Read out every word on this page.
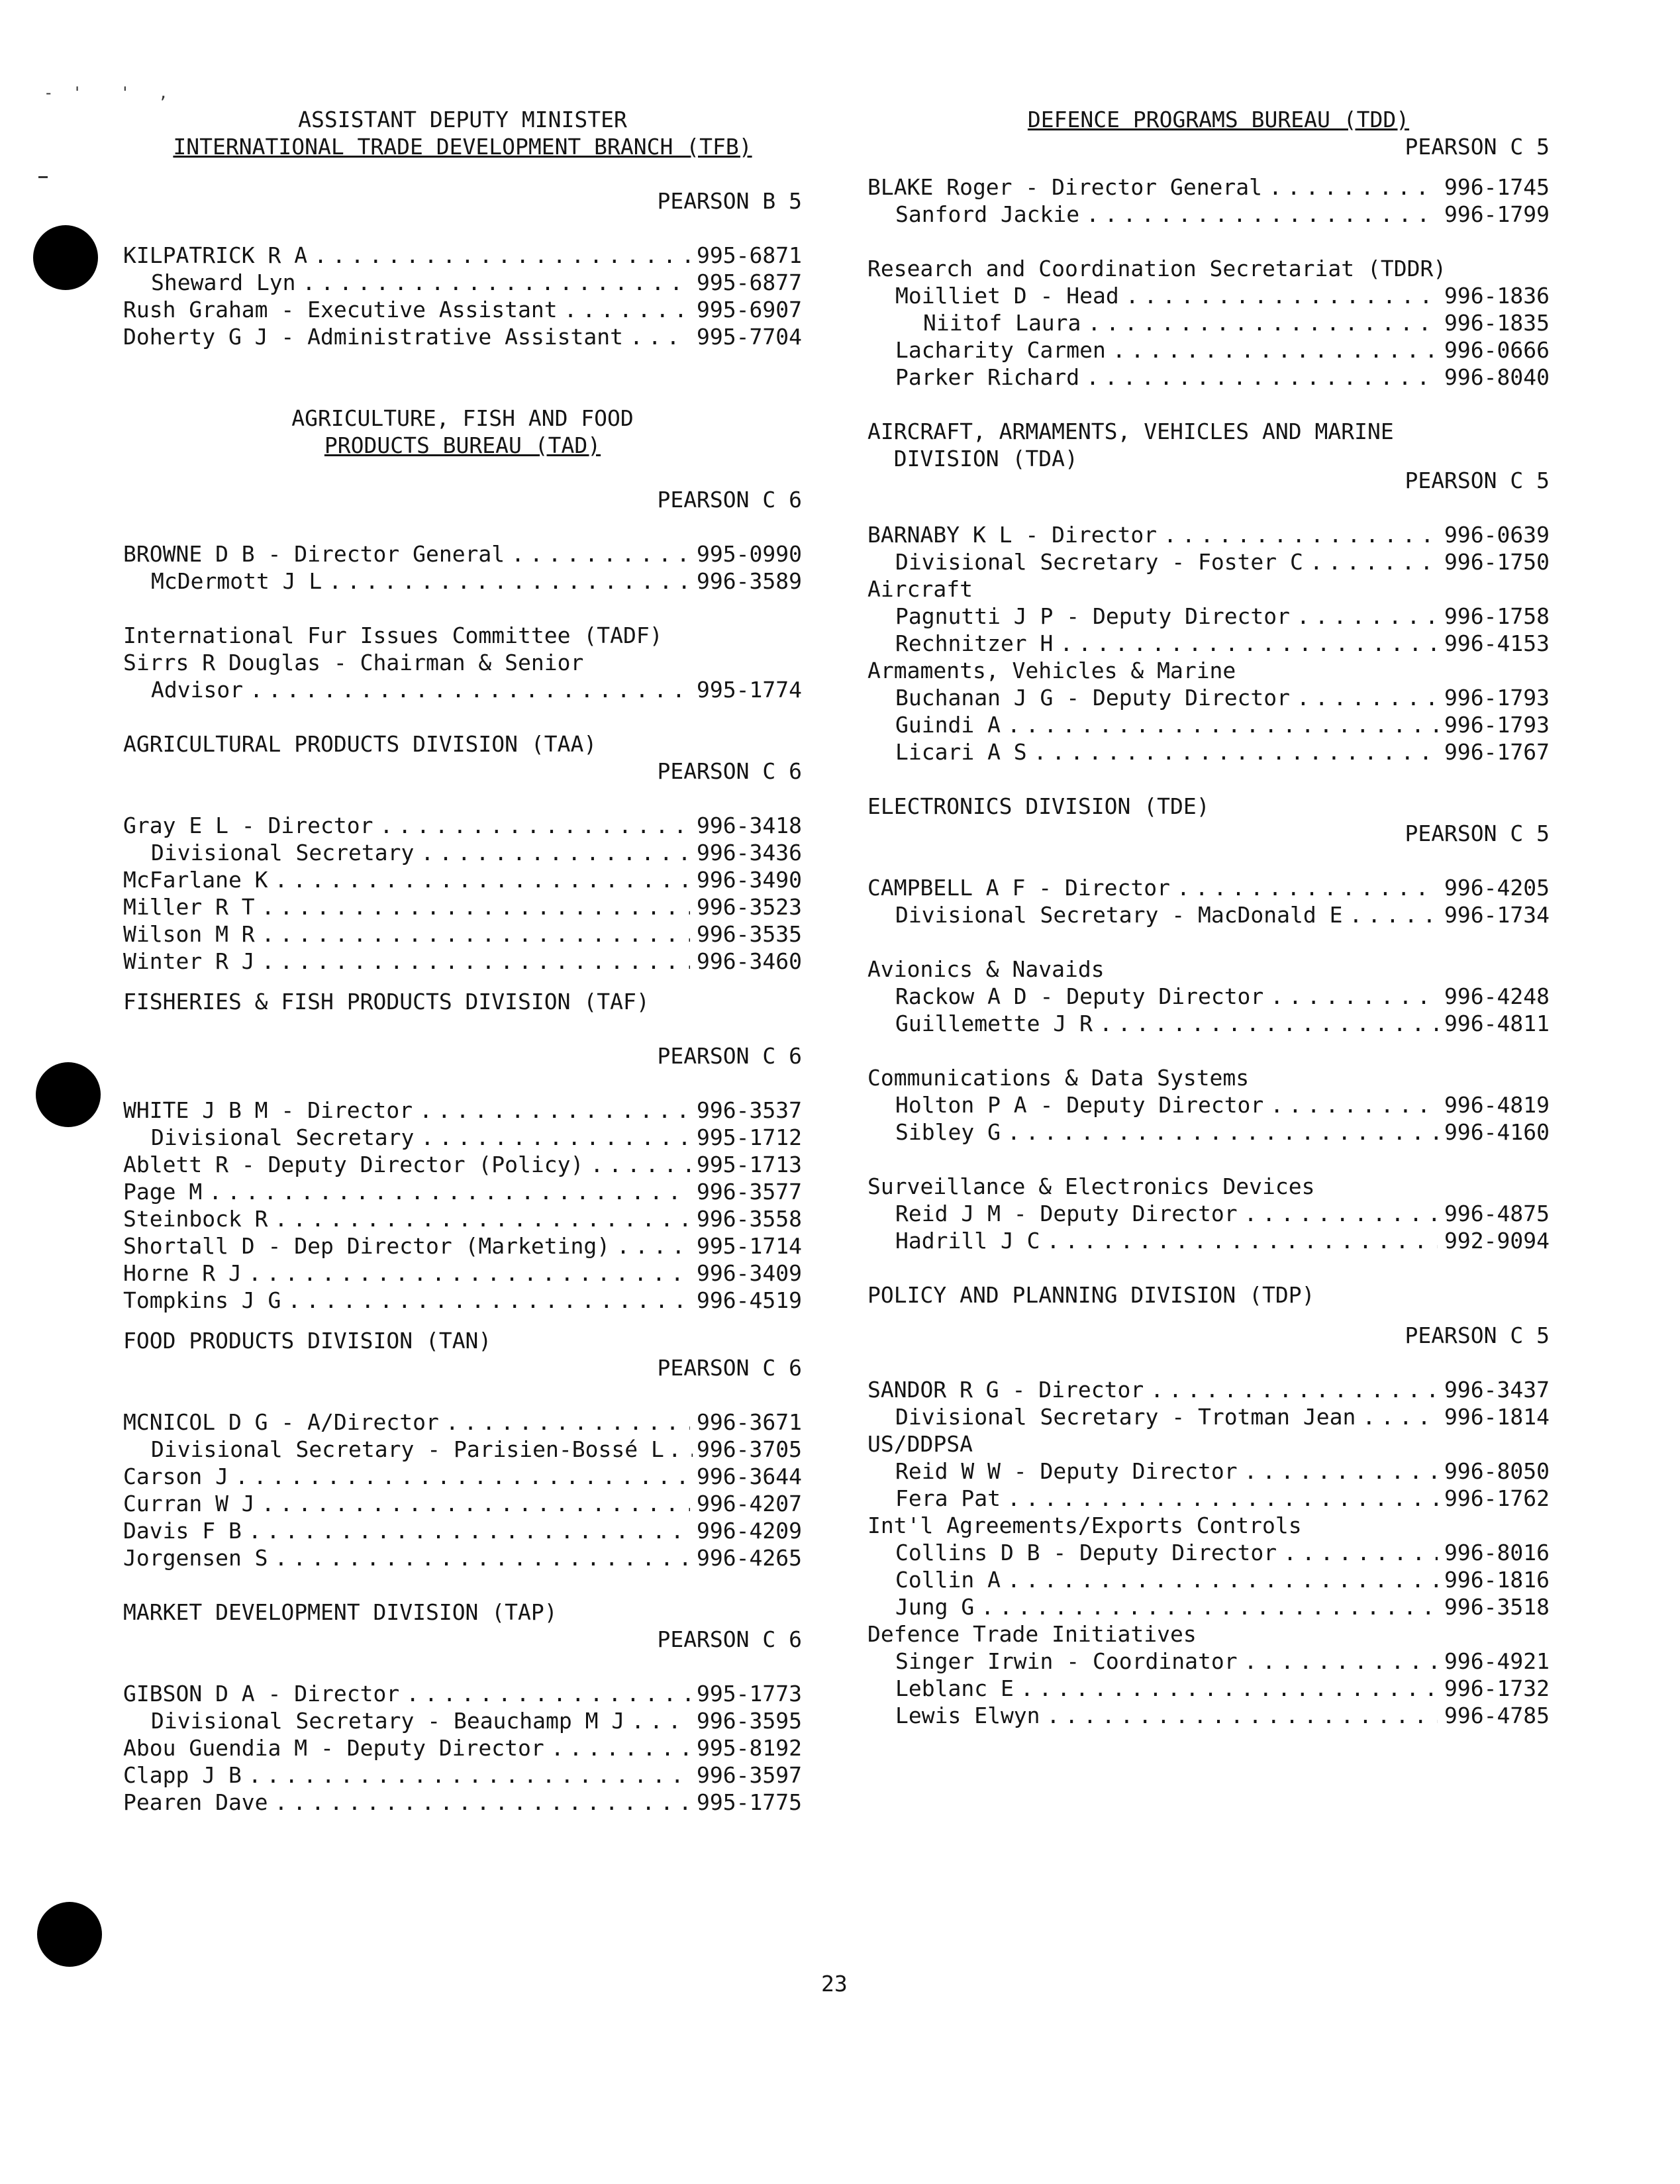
-  '    '   ,
ASSISTANT DEPUTY MINISTER
INTERNATIONAL TRADE DEVELOPMENT BRANCH (TFB)
PEARSON B 5
KILPATRICK R A . . .	995-6871
Sheward Lyn . . .	995-6877
Rush Graham - Executive Assistant . . .	995-6907
Doherty G J - Administrative Assistant . . .	995-7704
AGRICULTURE, FISH AND FOOD
PRODUCTS BUREAU (TAD)
PEARSON C 6
BROWNE D B - Director General . . .	995-0990
McDermott J L . . .	996-3589
International Fur Issues Committee (TADF)
Sirrs R Douglas - Chairman & Senior
Advisor . . .	995-1774
AGRICULTURAL PRODUCTS DIVISION (TAA)
PEARSON C 6
Gray E L - Director . . .	996-3418
Divisional Secretary . . .	996-3436
McFarlane K . . .	996-3490
Miller R T . . .	996-3523
Wilson M R . . .	996-3535
Winter R J . . .	996-3460
FISHERIES & FISH PRODUCTS DIVISION (TAF)
PEARSON C 6
WHITE J B M - Director . . .	996-3537
Divisional Secretary . . .	995-1712
Ablett R - Deputy Director (Policy) . . .	995-1713
Page M . . .	996-3577
Steinbock R . . .	996-3558
Shortall D - Dep Director (Marketing) . . .	995-1714
Horne R J . . .	996-3409
Tompkins J G . . .	996-4519
FOOD PRODUCTS DIVISION (TAN)
PEARSON C 6
MCNICOL D G - A/Director . . .	996-3671
Divisional Secretary - Parisien-Bossé L . . . 996-3705
Carson J . . .	996-3644
Curran W J . . .	996-4207
Davis F B . . .	996-4209
Jorgensen S . . .	996-4265
MARKET DEVELOPMENT DIVISION (TAP)
PEARSON C 6
GIBSON D A - Director . . .	995-1773
Divisional Secretary - Beauchamp M J . . .	996-3595
Abou Guendia M - Deputy Director . . .	995-8192
Clapp J B . . .	996-3597
Pearen Dave . . .	995-1775
DEFENCE PROGRAMS BUREAU (TDD)
PEARSON C 5
BLAKE Roger - Director General . . .	996-1745
Sanford Jackie . . .	996-1799
Research and Coordination Secretariat (TDDR)
Moilliet D - Head . . .	996-1836
Niitof Laura . . .	996-1835
Lacharity Carmen . . .	996-0666
Parker Richard . . .	996-8040
AIRCRAFT, ARMAMENTS, VEHICLES AND MARINE
DIVISION (TDA)
PEARSON C 5
BARNABY K L - Director . . .	996-0639
Divisional Secretary - Foster C . . .	996-1750
Aircraft
Pagnutti J P - Deputy Director . . .	996-1758
Rechnitzer H . . .	996-4153
Armaments, Vehicles & Marine
Buchanan J G - Deputy Director . . .	996-1793
Guindi A . . .	996-1793
Licari A S . . .	996-1767
ELECTRONICS DIVISION (TDE)
PEARSON C 5
CAMPBELL A F - Director . . .	996-4205
Divisional Secretary - MacDonald E . . .	996-1734
Avionics & Navaids
Rackow A D - Deputy Director . . .	996-4248
Guillemette J R . . .	996-4811
Communications & Data Systems
Holton P A - Deputy Director . . .	996-4819
Sibley G . . .	996-4160
Surveillance & Electronics Devices
Reid J M - Deputy Director . . .	996-4875
Hadrill J C . . .	992-9094
POLICY AND PLANNING DIVISION (TDP)
PEARSON C 5
SANDOR R G - Director . . .	996-3437
Divisional Secretary - Trotman Jean . . .	996-1814
US/DDPSA
Reid W W - Deputy Director . . .	996-8050
Fera Pat . . .	996-1762
Int'l Agreements/Exports Controls
Collins D B - Deputy Director . . .	996-8016
Collin A . . .	996-1816
Jung G . . .	996-3518
Defence Trade Initiatives
Singer Irwin - Coordinator . . .	996-4921
Leblanc E . . .	996-1732
Lewis Elwyn . . .	996-4785
23
